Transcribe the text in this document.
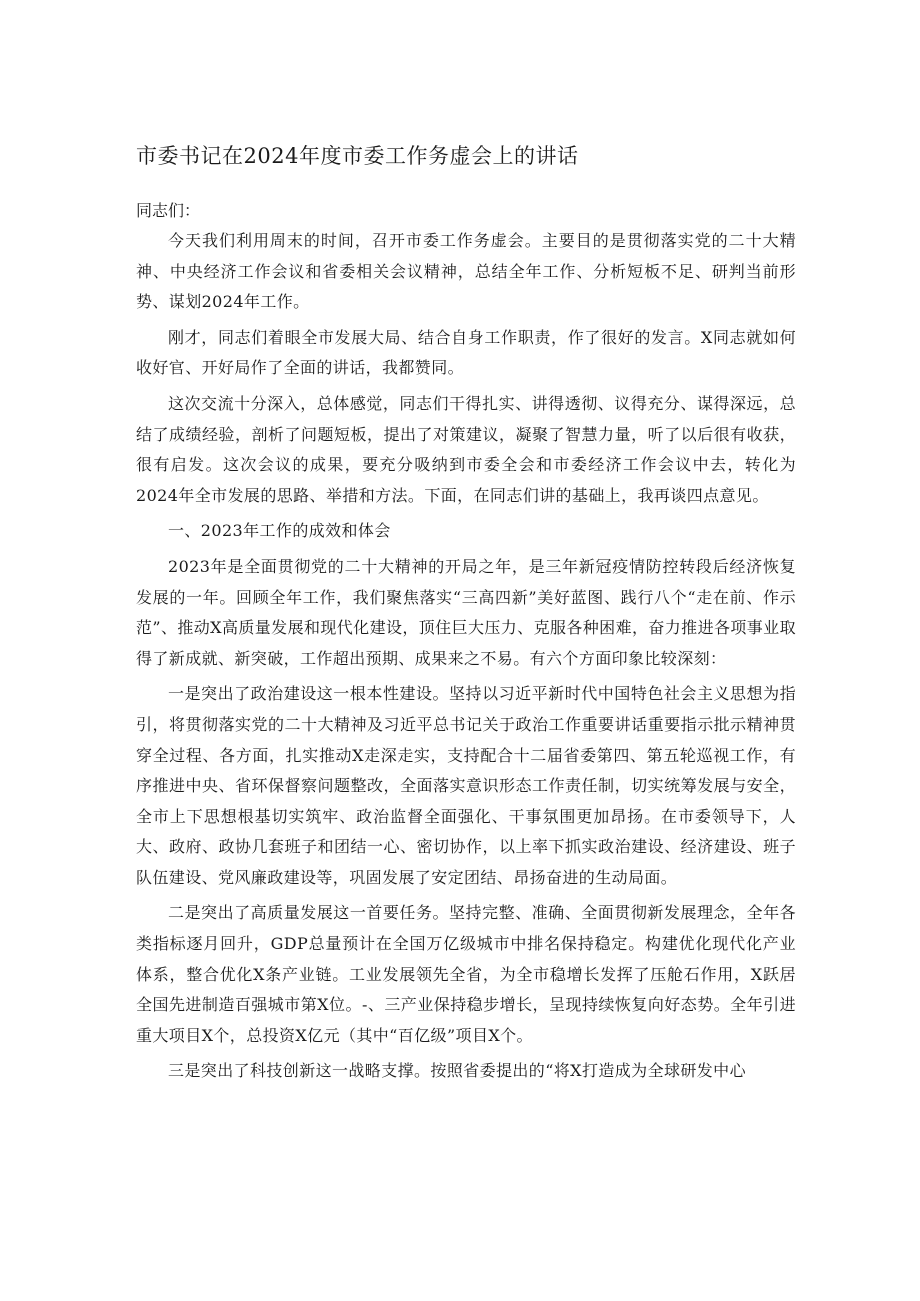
市委书记在2024年度市委工作务虚会上的讲话

同志们：

今天我们利用周末的时间，召开市委工作务虚会。主要目的是贯彻落实党的二十大精神、中央经济工作会议和省委相关会议精神，总结全年工作、分析短板不足、研判当前形势、谋划2024年工作。

刚才，同志们着眼全市发展大局、结合自身工作职责，作了很好的发言。X同志就如何收好官、开好局作了全面的讲话，我都赞同。

这次交流十分深入，总体感觉，同志们干得扎实、讲得透彻、议得充分、谋得深远，总结了成绩经验，剖析了问题短板，提出了对策建议，凝聚了智慧力量，听了以后很有收获，很有启发。这次会议的成果，要充分吸纳到市委全会和市委经济工作会议中去，转化为2024年全市发展的思路、举措和方法。下面，在同志们讲的基础上，我再谈四点意见。

一、2023年工作的成效和体会

2023年是全面贯彻党的二十大精神的开局之年，是三年新冠疫情防控转段后经济恢复发展的一年。回顾全年工作，我们聚焦落实“三高四新”美好蓝图、践行八个“走在前、作示范”、推动X高质量发展和现代化建设，顶住巨大压力、克服各种困难，奋力推进各项事业取得了新成就、新突破，工作超出预期、成果来之不易。有六个方面印象比较深刻：

一是突出了政治建设这一根本性建设。坚持以习近平新时代中国特色社会主义思想为指引，将贯彻落实党的二十大精神及习近平总书记关于政治工作重要讲话重要指示批示精神贯穿全过程、各方面，扎实推动X走深走实，支持配合十二届省委第四、第五轮巡视工作，有序推进中央、省环保督察问题整改，全面落实意识形态工作责任制，切实统筹发展与安全，全市上下思想根基切实筑牢、政治监督全面强化、干事氛围更加昂扬。在市委领导下，人大、政府、政协几套班子和团结一心、密切协作，以上率下抓实政治建设、经济建设、班子队伍建设、党风廉政建设等，巩固发展了安定团结、昂扬奋进的生动局面。

二是突出了高质量发展这一首要任务。坚持完整、准确、全面贯彻新发展理念，全年各类指标逐月回升，GDP总量预计在全国万亿级城市中排名保持稳定。构建优化现代化产业体系，整合优化X条产业链。工业发展领先全省，为全市稳增长发挥了压舱石作用，X跃居全国先进制造百强城市第X位。-、三产业保持稳步增长，呈现持续恢复向好态势。全年引进重大项目X个，总投资X亿元（其中“百亿级”项目X个。

三是突出了科技创新这一战略支撑。按照省委提出的“将X打造成为全球研发中心
